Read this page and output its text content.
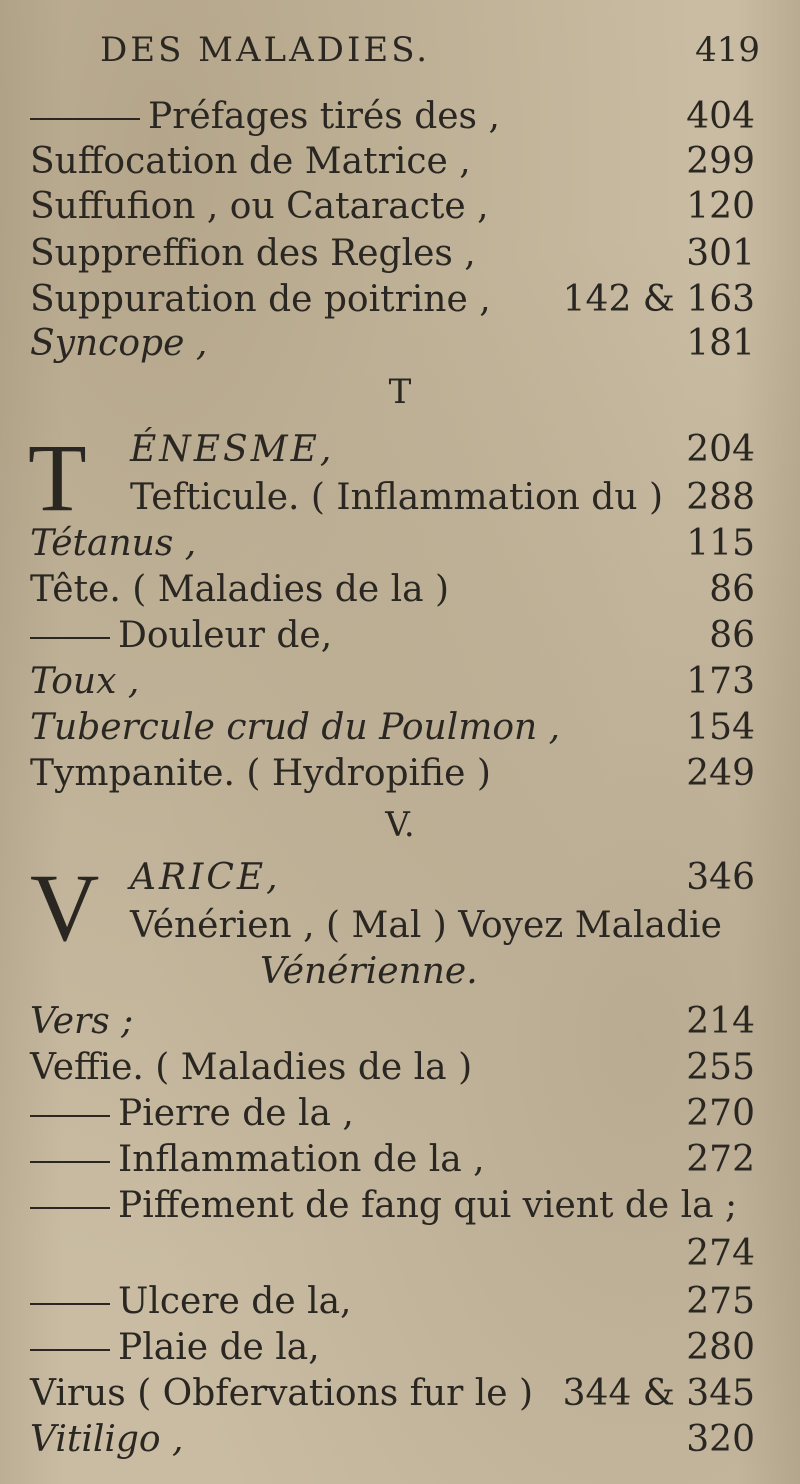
DES MALADIES.	419
Préfages tirés des ,	404
Suffocation de Matrice ,	299
Suffufion , ou Cataracte ,	120
Suppreffion des Regles ,	301
Suppuration de poitrine , 142 & 163
Syncope ,	181
T
T ÉNESME,	204
Tefticule. ( Inflammation du ) 288
Tétanus ,	115
Tête. ( Maladies de la )	86
Douleur de,	86
Toux ,	173
Tubercule crud du Poulmon ,	154
Tympanite. ( Hydropifie )	249
V.
V ARICE,	346
Vénérien , ( Mal ) Voyez Maladie
Vénérienne.
Vers ;	214
Veffie. ( Maladies de la )	255
Pierre de la ,	270
Inflammation de la ,	272
Piffement de fang qui vient de la ;
274
Ulcere de la,	275
Plaie de la,	280
Virus ( Obfervations fur le ) 344 & 345
Vitiligo ,	320
